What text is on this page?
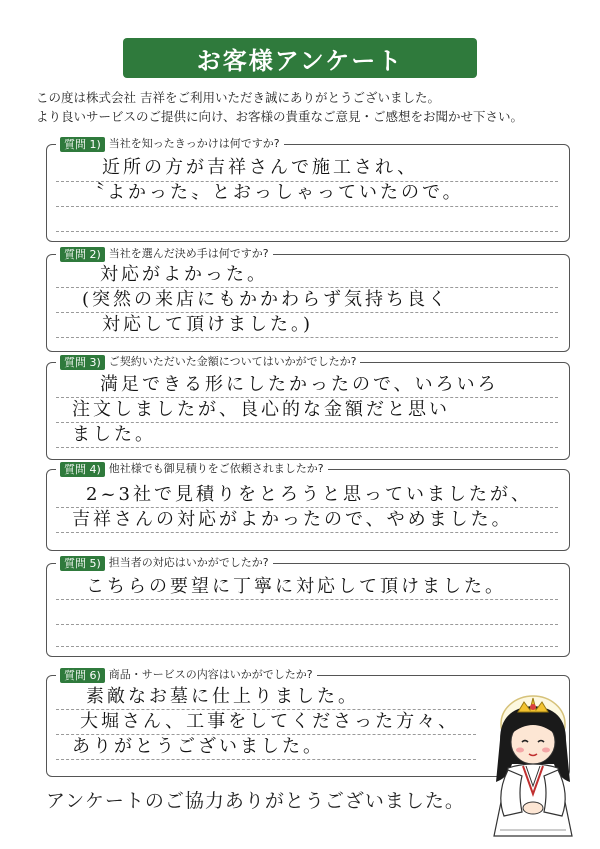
お客様アンケート
この度は株式会社 吉祥をご利用いただき誠にありがとうございました。
より良いサービスのご提供に向け、お客様の貴重なご意見・ご感想をお聞かせ下さい。
質問 1) 当社を知ったきっかけは何ですか?
近所の方が吉祥さんで施工され、
〝よかった〟とおっしゃっていたので。
質問 2) 当社を選んだ決め手は何ですか?
対応がよかった。
(突然の来店にもかかわらず気持ち良く
対応して頂けました。)
質問 3) ご契約いただいた金額についてはいかがでしたか?
満足できる形にしたかったので、いろいろ
注文しましたが、良心的な金額だと思い
ました。
質問 4) 他社様でも御見積りをご依頼されましたか?
2~3社で見積りをとろうと思っていましたが、
吉祥さんの対応がよかったので、やめました。
質問 5) 担当者の対応はいかがでしたか?
こちらの要望に丁寧に対応して頂けました。
質問 6) 商品・サービスの内容はいかがでしたか?
素敵なお墓に仕上りました。
大堀さん、工事をしてくださった方々、
ありがとうございました。
アンケートのご協力ありがとうございました。
